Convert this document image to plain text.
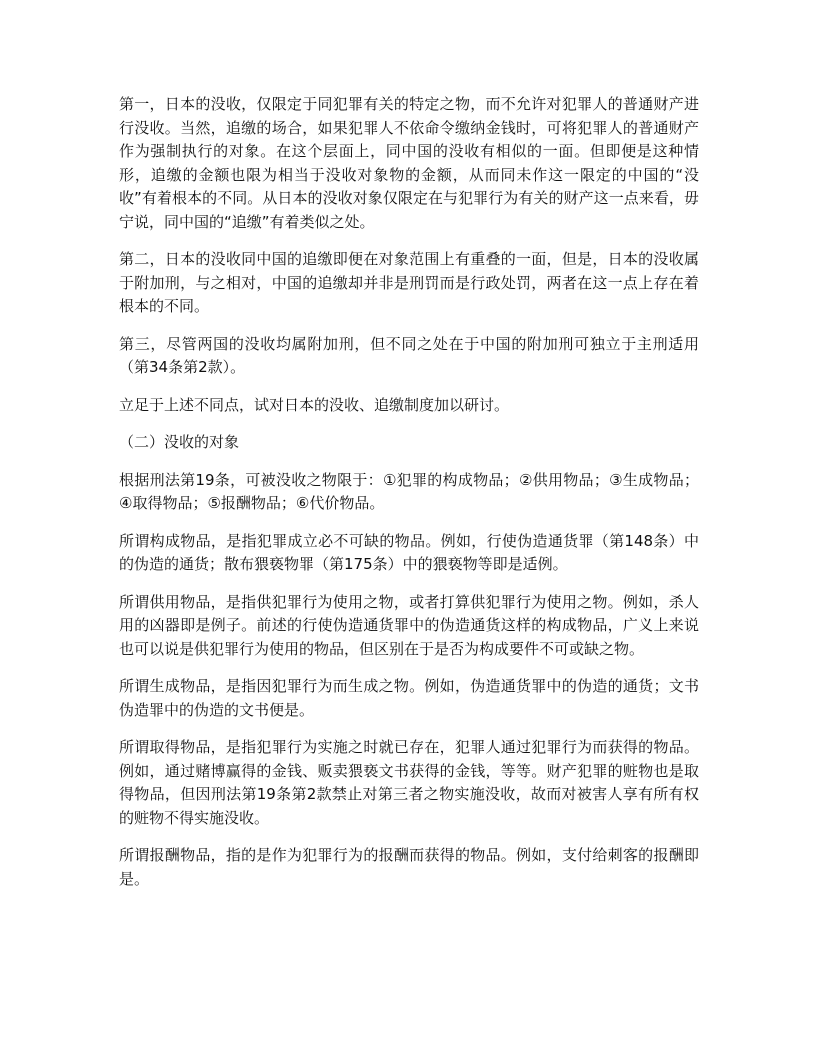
第一，日本的没收，仅限定于同犯罪有关的特定之物，而不允许对犯罪人的普通财产进行没收。当然，追缴的场合，如果犯罪人不依命令缴纳金钱时，可将犯罪人的普通财产作为强制执行的对象。在这个层面上，同中国的没收有相似的一面。但即便是这种情形，追缴的金额也限为相当于没收对象物的金额，从而同未作这一限定的中国的“没收”有着根本的不同。从日本的没收对象仅限定在与犯罪行为有关的财产这一点来看，毋宁说，同中国的“追缴”有着类似之处。

第二，日本的没收同中国的追缴即便在对象范围上有重叠的一面，但是，日本的没收属于附加刑，与之相对，中国的追缴却并非是刑罚而是行政处罚，两者在这一点上存在着根本的不同。

第三，尽管两国的没收均属附加刑，但不同之处在于中国的附加刑可独立于主刑适用（第34条第2款）。

立足于上述不同点，试对日本的没收、追缴制度加以研讨。

（二）没收的对象

根据刑法第19条，可被没收之物限于：①犯罪的构成物品；②供用物品；③生成物品；④取得物品；⑤报酬物品；⑥代价物品。

所谓构成物品，是指犯罪成立必不可缺的物品。例如，行使伪造通货罪（第148条）中的伪造的通货；散布猥亵物罪（第175条）中的猥亵物等即是适例。

所谓供用物品，是指供犯罪行为使用之物，或者打算供犯罪行为使用之物。例如，杀人用的凶器即是例子。前述的行使伪造通货罪中的伪造通货这样的构成物品，广义上来说也可以说是供犯罪行为使用的物品，但区别在于是否为构成要件不可或缺之物。

所谓生成物品，是指因犯罪行为而生成之物。例如，伪造通货罪中的伪造的通货；文书伪造罪中的伪造的文书便是。

所谓取得物品，是指犯罪行为实施之时就已存在，犯罪人通过犯罪行为而获得的物品。例如，通过赌博赢得的金钱、贩卖猥亵文书获得的金钱，等等。财产犯罪的赃物也是取得物品，但因刑法第19条第2款禁止对第三者之物实施没收，故而对被害人享有所有权的赃物不得实施没收。

所谓报酬物品，指的是作为犯罪行为的报酬而获得的物品。例如，支付给刺客的报酬即是。
